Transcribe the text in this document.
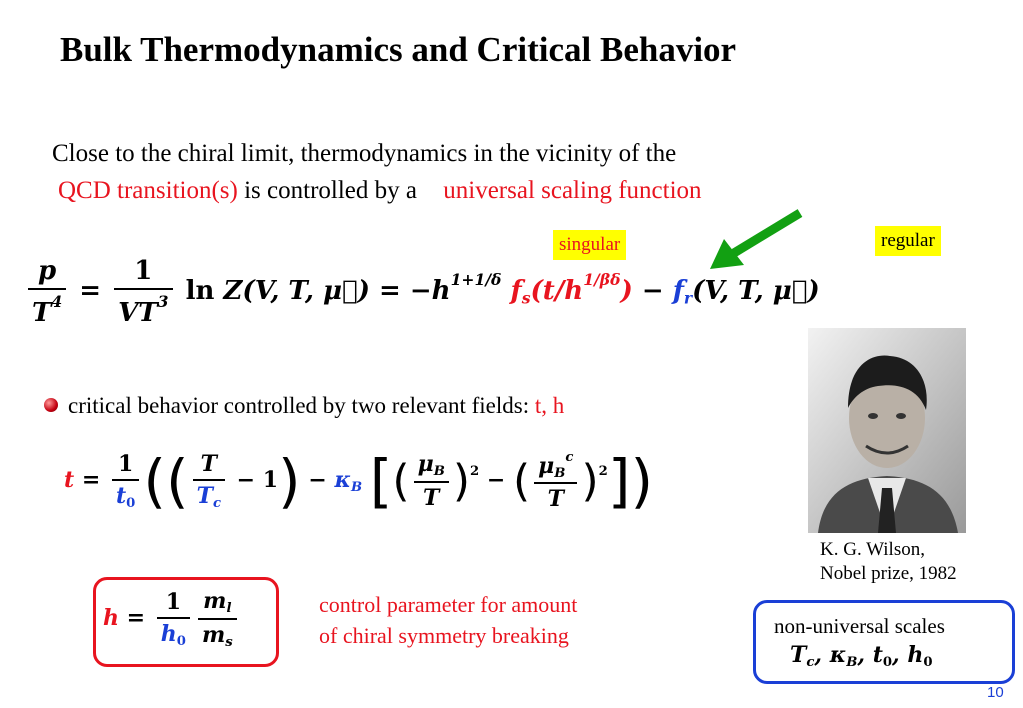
Bulk Thermodynamics and Critical Behavior
Close to the chiral limit, thermodynamics in the vicinity of the
QCD transition(s) is controlled by a universal scaling function
singular	regular
$\frac{p}{T^4} = \frac{1}{VT^3}$ ln Z(V, T, μ⃗) = $-h^{1+1/\delta}$ $f_s(t/h^{1/\beta\delta}) - f_r(V$, T, μ⃗)
critical behavior controlled by two relevant fields: t, h
$t = \frac{1}{t_0}$ (( $\frac{T}{T_c} - 1) - \kappa_B$ [( $\frac{\mu_B}{T} )^2$ − ( $\frac{\mu_B^c}{T} )^2$])
K. G. Wilson,
Nobel prize, 1982
$h = \frac{1}{h_0} \frac{m_l}{m_s}$	control parameter for amount
of chiral symmetry breaking	non-universal scales
$T_c$, $\kappa_B$, $t_0$, $h_0$
10
